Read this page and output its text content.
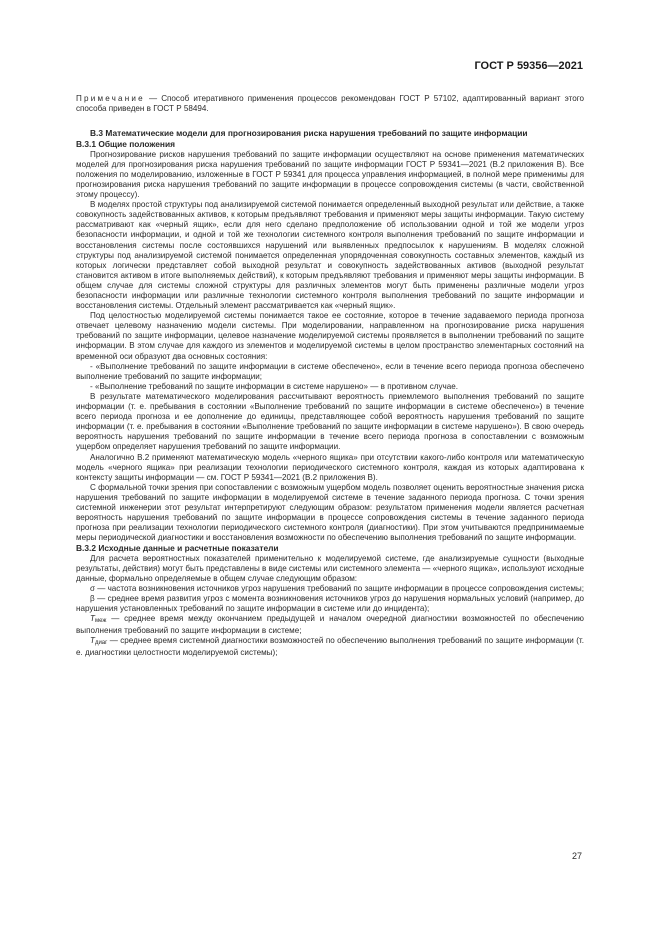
ГОСТ Р 59356—2021

Примечание — Способ итеративного применения процессов рекомендован ГОСТ Р 57102, адаптированный вариант этого способа приведен в ГОСТ Р 58494.

В.3 Математические модели для прогнозирования риска нарушения требований по защите информации
В.3.1 Общие положения

Прогнозирование рисков нарушения требований по защите информации осуществляют на основе применения математических моделей для прогнозирования риска нарушения требований по защите информации ГОСТ Р 59341—2021 (В.2 приложения В). Все положения по моделированию, изложенные в ГОСТ Р 59341 для процесса управления информацией, в полной мере применимы для прогнозирования риска нарушения требований по защите информации в процессе сопровождения системы (в части, свойственной этому процессу).

В моделях простой структуры под анализируемой системой понимается определенный выходной результат или действие, а также совокупность задействованных активов, к которым предъявляют требования и применяют меры защиты информации. Такую систему рассматривают как «черный ящик», если для него сделано предположение об использовании одной и той же модели угроз безопасности информации, и одной и той же технологии системного контроля выполнения требований по защите информации и восстановления системы после состоявшихся нарушений или выявленных предпосылок к нарушениям. В моделях сложной структуры под анализируемой системой понимается определенная упорядоченная совокупность составных элементов, каждый из которых логически представляет собой выходной результат и совокупность задействованных активов (выходной результат становится активом в итоге выполняемых действий), к которым предъявляют требования и применяют меры защиты информации. В общем случае для системы сложной структуры для различных элементов могут быть применены различные модели угроз безопасности информации или различные технологии системного контроля выполнения требований по защите информации и восстановления системы. Отдельный элемент рассматривается как «черный ящик».

Под целостностью моделируемой системы понимается такое ее состояние, которое в течение задаваемого периода прогноза отвечает целевому назначению модели системы. При моделировании, направленном на прогнозирование риска нарушения требований по защите информации, целевое назначение моделируемой системы проявляется в выполнении требований по защите информации. В этом случае для каждого из элементов и моделируемой системы в целом пространство элементарных состояний на временной оси образуют два основных состояния:

- «Выполнение требований по защите информации в системе обеспечено», если в течение всего периода прогноза обеспечено выполнение требований по защите информации;

- «Выполнение требований по защите информации в системе нарушено» — в противном случае.

В результате математического моделирования рассчитывают вероятность приемлемого выполнения требований по защите информации (т. е. пребывания в состоянии «Выполнение требований по защите информации в системе обеспечено») в течение всего периода прогноза и ее дополнение до единицы, представляющее собой вероятность нарушения требований по защите информации (т. е. пребывания в состоянии «Выполнение требований по защите информации в системе нарушено»). В свою очередь вероятность нарушения требований по защите информации в течение всего периода прогноза в сопоставлении с возможным ущербом определяет нарушения требований по защите информации.

Аналогично В.2 применяют математическую модель «черного ящика» при отсутствии какого-либо контроля или математическую модель «черного ящика» при реализации технологии периодического системного контроля, каждая из которых адаптирована к контексту защиты информации — см. ГОСТ Р 59341—2021 (В.2 приложения В).

С формальной точки зрения при сопоставлении с возможным ущербом модель позволяет оценить вероятностные значения риска нарушения требований по защите информации в моделируемой системе в течение заданного периода прогноза. С точки зрения системной инженерии этот результат интерпретируют следующим образом: результатом применения модели является расчетная вероятность нарушения требований по защите информации в процессе сопровождения системы в течение заданного периода прогноза при реализации технологии периодического системного контроля (диагностики). При этом учитываются предпринимаемые меры периодической диагностики и восстановления возможности по обеспечению выполнения требований по защите информации.

В.3.2 Исходные данные и расчетные показатели

Для расчета вероятностных показателей применительно к моделируемой системе, где анализируемые сущности (выходные результаты, действия) могут быть представлены в виде системы или системного элемента — «черного ящика», используют исходные данные, формально определяемые в общем случае следующим образом:

σ — частота возникновения источников угроз нарушения требований по защите информации в процессе сопровождения системы;

β — среднее время развития угроз с момента возникновения источников угроз до нарушения нормальных условий (например, до нарушения установленных требований по защите информации в системе или до инцидента);

Tмеж — среднее время между окончанием предыдущей и началом очередной диагностики возможностей по обеспечению выполнения требований по защите информации в системе;

Tдиаг — среднее время системной диагностики возможностей по обеспечению выполнения требований по защите информации (т. е. диагностики целостности моделируемой системы);

27
